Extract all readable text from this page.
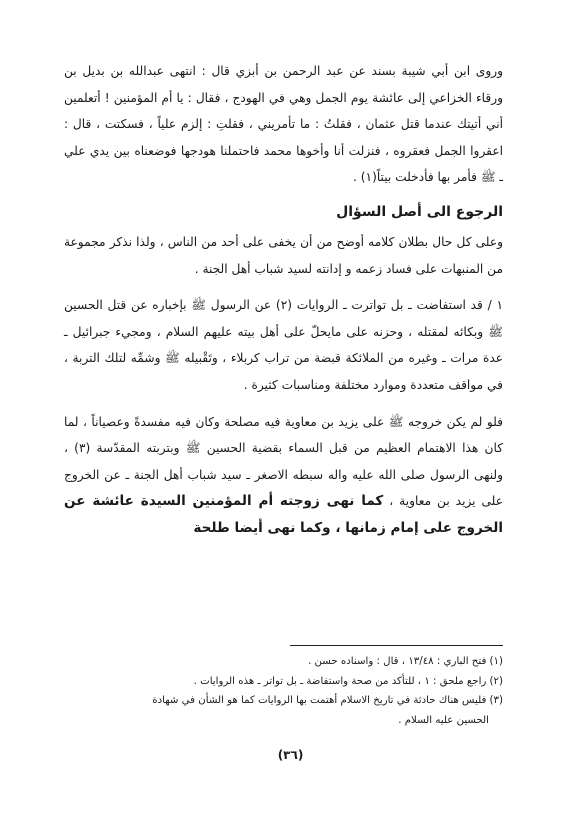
وروى ابن أبي شيبة بسند عن عبد الرحمن بن أبزي قال : انتهى عبدالله بن بديل بن ورقاء الخزاعي إلى عائشة يوم الجمل وهي في الهودج ، فقال : يا أم المؤمنين ! أتعلمين أني أتيتك عندما قتل عثمان ، فقلتُ : ما تأمريني ، فقلتِ : إلزم علياً ، فسكتت ، قال : اعقروا الجمل فعقروه ، فنزلت أنا وأخوها محمد فاحتملنا هودجها فوضعناه بين يدي علي ـ ﷺ فأمر بها فأدخلت بيتاً(١) .

الرجوع الى أصل السؤال

وعلى كل حال بطلان كلامه أوضح من أن يخفى على أحد من الناس ، ولذا نذكر مجموعة من المنبهات على فساد زعمه و إدانته لسيد شباب أهل الجنة .

١ / قد استفاضت ـ بل تواترت ـ الروايات (٢) عن الرسول ﷺ بإخباره عن قتل الحسين ﷺ وبكائه لمقتله ، وحزنه على مايحلّ على أهل بيته عليهم السلام ، ومجيء جبرائيل ـ عدة مرات ـ وغيره من الملائكة قبضة من تراب كربلاء ، وتَقْبيله ﷺ وشمِّه لتلك التربة ، في مواقف متعددة وموارد مختلفة ومناسبات كثيرة .

فلو لم يكن خروجه ﷺ على يزيد بن معاوية فيه مصلحة وكان فيه مفسدةً وعصياناً ، لما كان هذا الاهتمام العظيم من قبل السماء بقضية الحسين ﷺ وبتربته المقدّسة (٣) ، ولنهى الرسول صلى الله عليه واله سبطه الاصغر ـ سيد شباب أهل الجنة ـ عن الخروج على يزيد بن معاوية ، كما نهى زوجته أم المؤمنين السيدة عائشة عن الخروج على إمام زمانها ، وكما نهى أيضا طلحة

(١) فتح الباري : ١٣/٤٨ ، قال : واسناده حسن .

(٢) راجع ملحق : ١ ، للتأكد من صحة واستفاضة ـ بل تواتر ـ هذه الروايات .

(٣) فليس هناك حادثة في تاريخ الاسلام أهتمت بها الروايات كما هو الشأن في شهادة

الحسين عليه السلام .

(٣٦)
